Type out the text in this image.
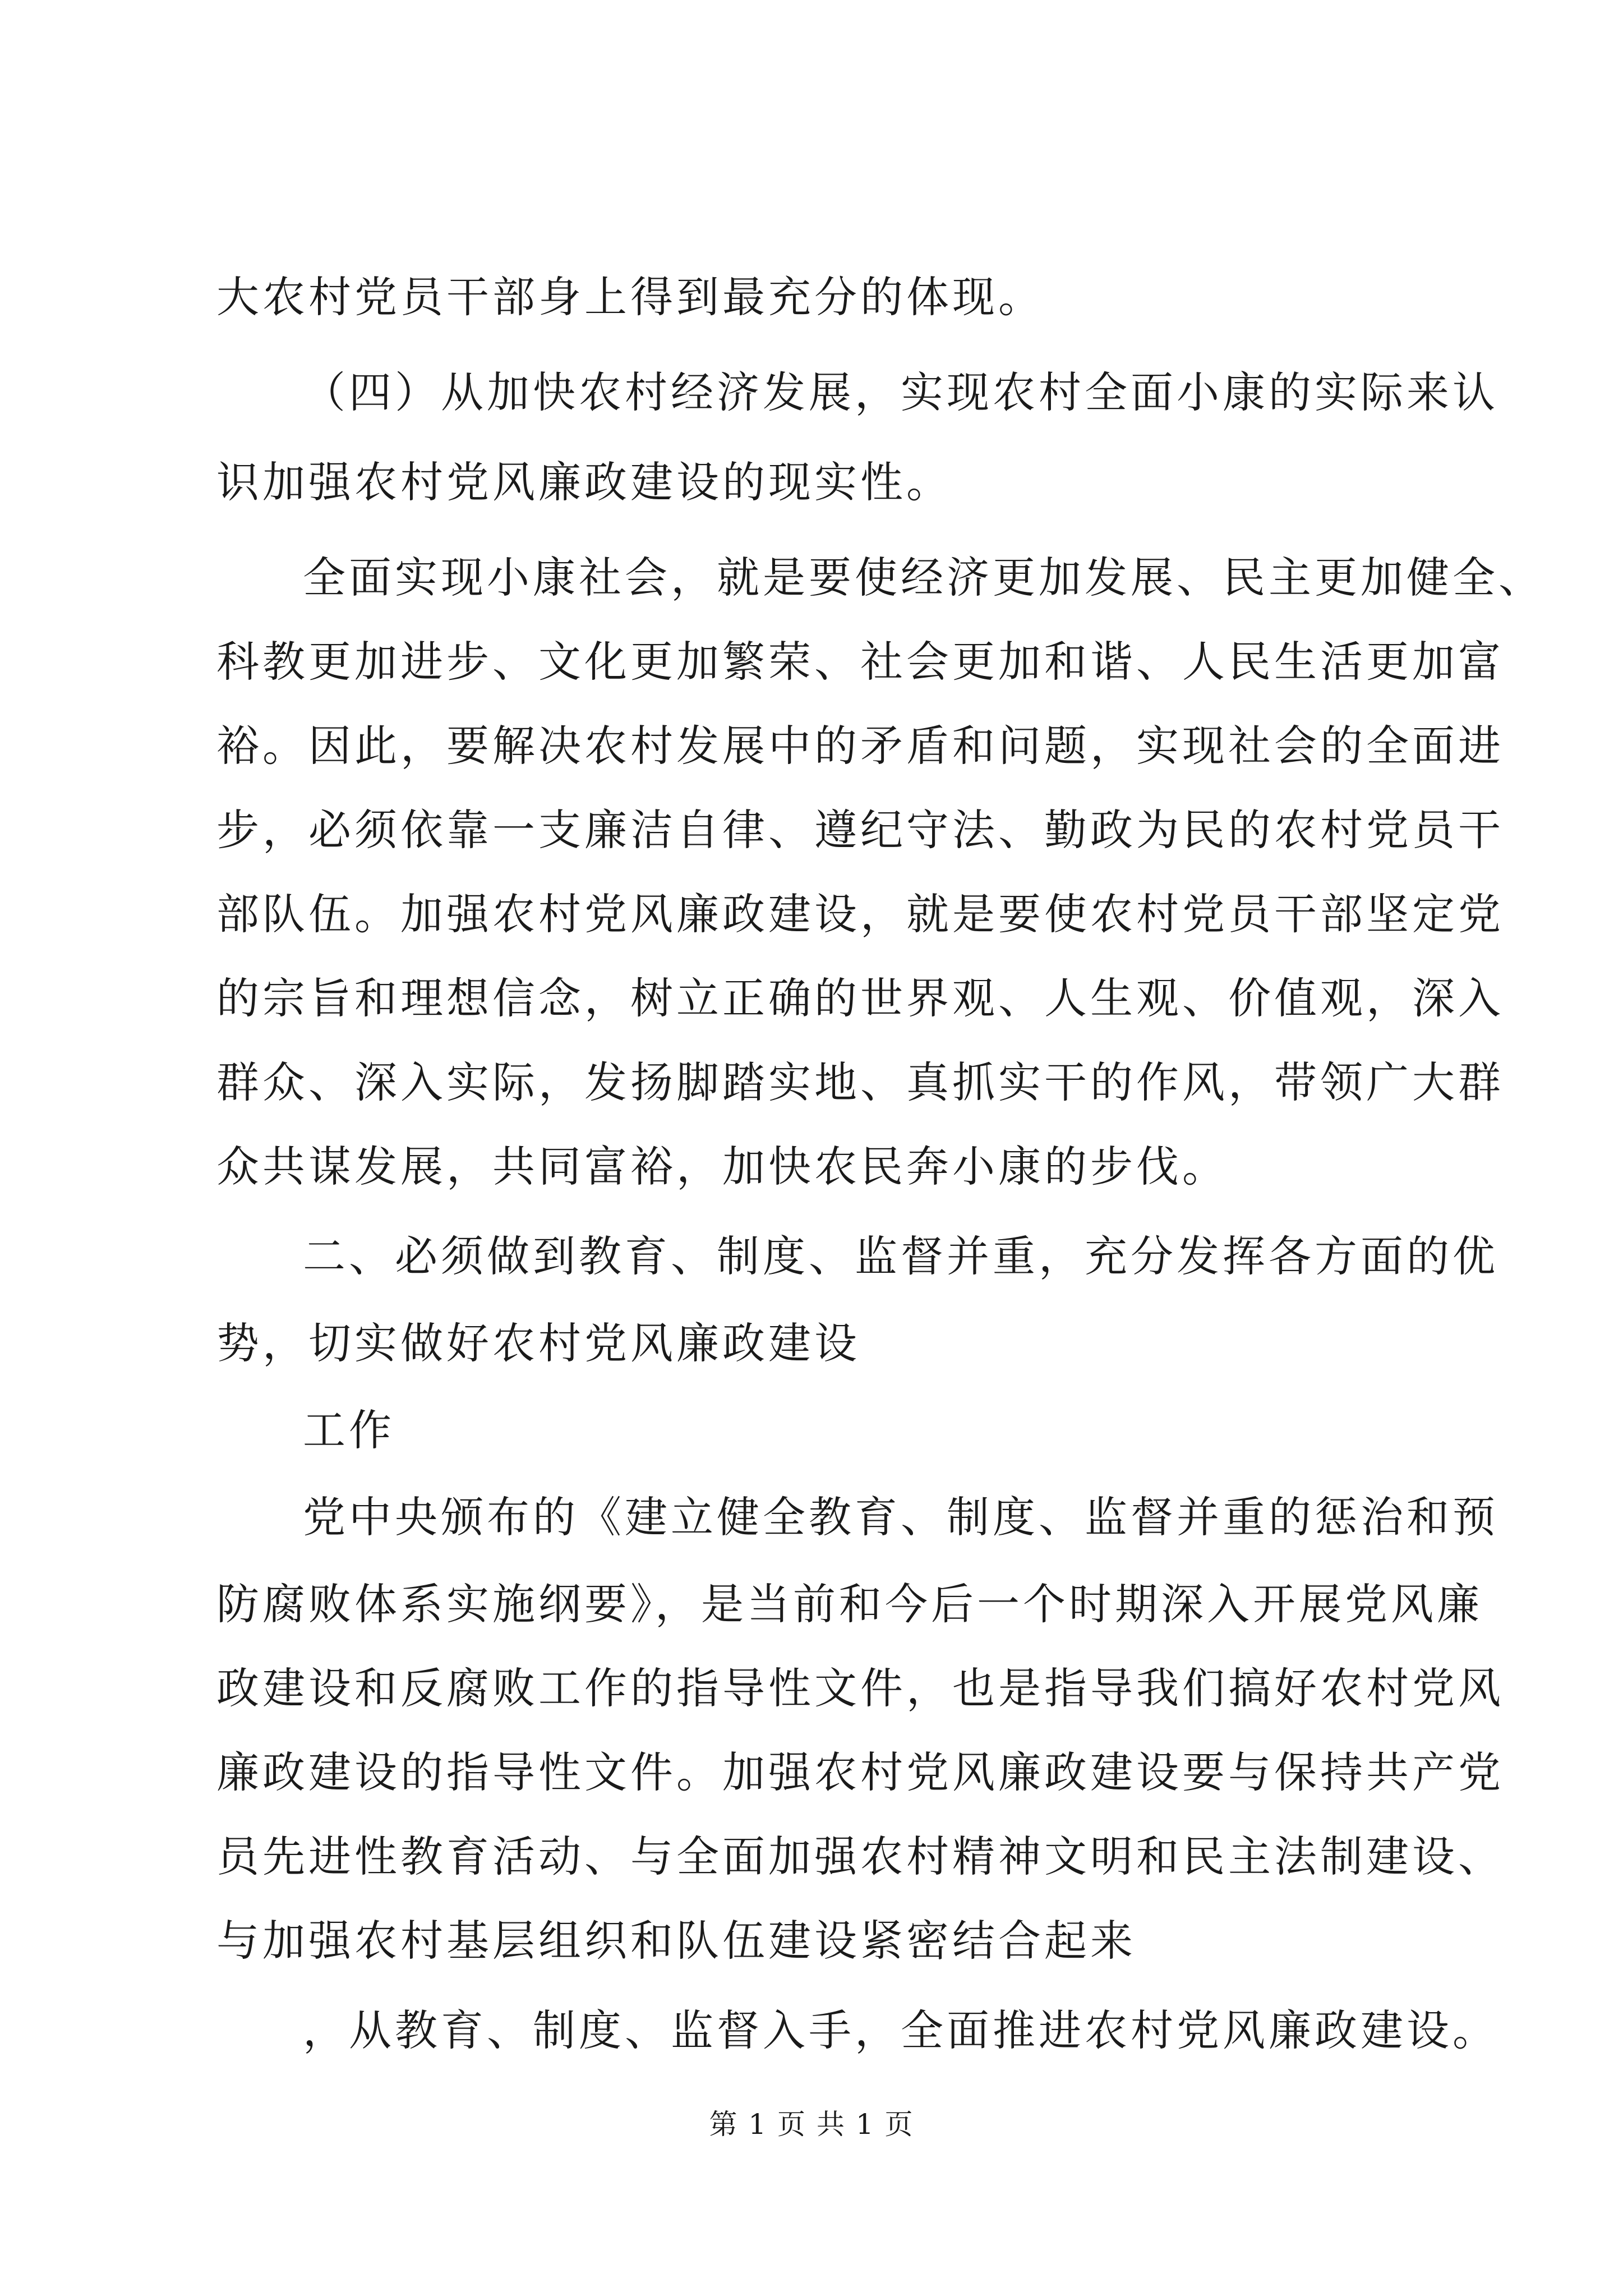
大农村党员干部身上得到最充分的体现。
（四）从加快农村经济发展，实现农村全面小康的实际来认
识加强农村党风廉政建设的现实性。
全面实现小康社会，就是要使经济更加发展、民主更加健全、
科教更加进步、文化更加繁荣、社会更加和谐、人民生活更加富
裕。因此，要解决农村发展中的矛盾和问题，实现社会的全面进
步，必须依靠一支廉洁自律、遵纪守法、勤政为民的农村党员干
部队伍。加强农村党风廉政建设，就是要使农村党员干部坚定党
的宗旨和理想信念，树立正确的世界观、人生观、价值观，深入
群众、深入实际，发扬脚踏实地、真抓实干的作风，带领广大群
众共谋发展，共同富裕，加快农民奔小康的步伐。
二、必须做到教育、制度、监督并重，充分发挥各方面的优
势，切实做好农村党风廉政建设
工作
党中央颁布的《建立健全教育、制度、监督并重的惩治和预
防腐败体系实施纲要》，是当前和今后一个时期深入开展党风廉
政建设和反腐败工作的指导性文件，也是指导我们搞好农村党风
廉政建设的指导性文件。加强农村党风廉政建设要与保持共产党
员先进性教育活动、与全面加强农村精神文明和民主法制建设、
与加强农村基层组织和队伍建设紧密结合起来
，从教育、制度、监督入手，全面推进农村党风廉政建设。
第 1 页 共 1 页
